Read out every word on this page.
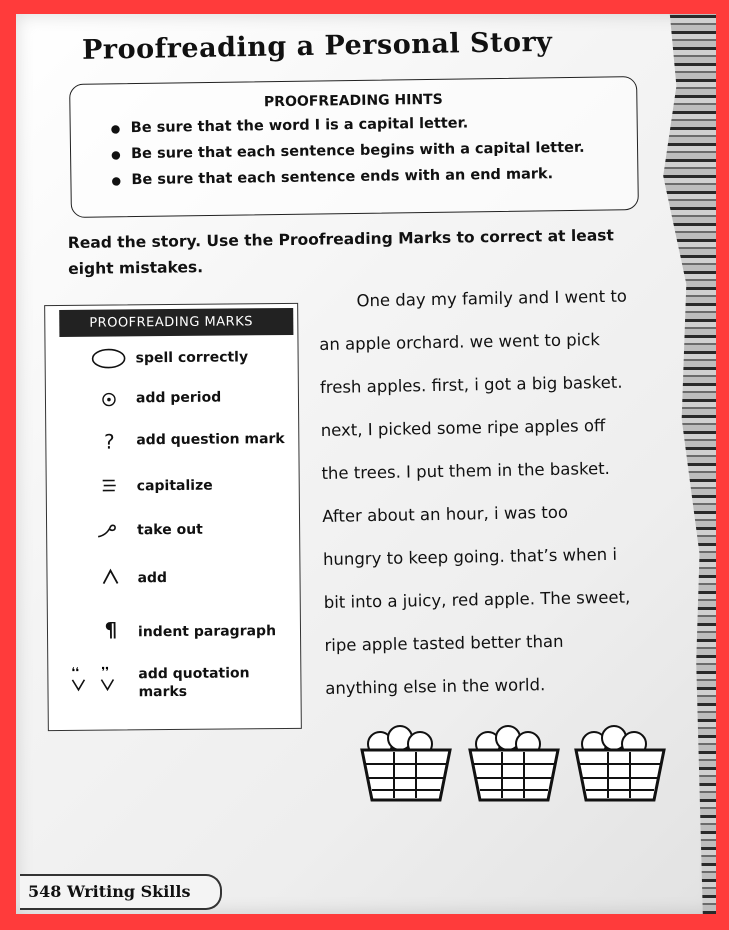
Proofreading a Personal Story
PROOFREADING HINTS
● Be sure that the word I is a capital letter.
● Be sure that each sentence begins with a capital letter.
● Be sure that each sentence ends with an end mark.
Read the story. Use the Proofreading Marks to correct at least
eight mistakes.
PROOFREADING MARKS
spell correctly
add period
?	add question mark
capitalize
take out
add
¶	indent paragraph
❛❛ ❜❜ add quotation marks
One day my family and I went to
an apple orchard. we went to pick
fresh apples. first, i got a big basket.
next, I picked some ripe apples off
the trees. I put them in the basket.
After about an hour, i was too
hungry to keep going. that’s when i
bit into a juicy, red apple. The sweet,
ripe apple tasted better than
anything else in the world.
548 Writing Skills
